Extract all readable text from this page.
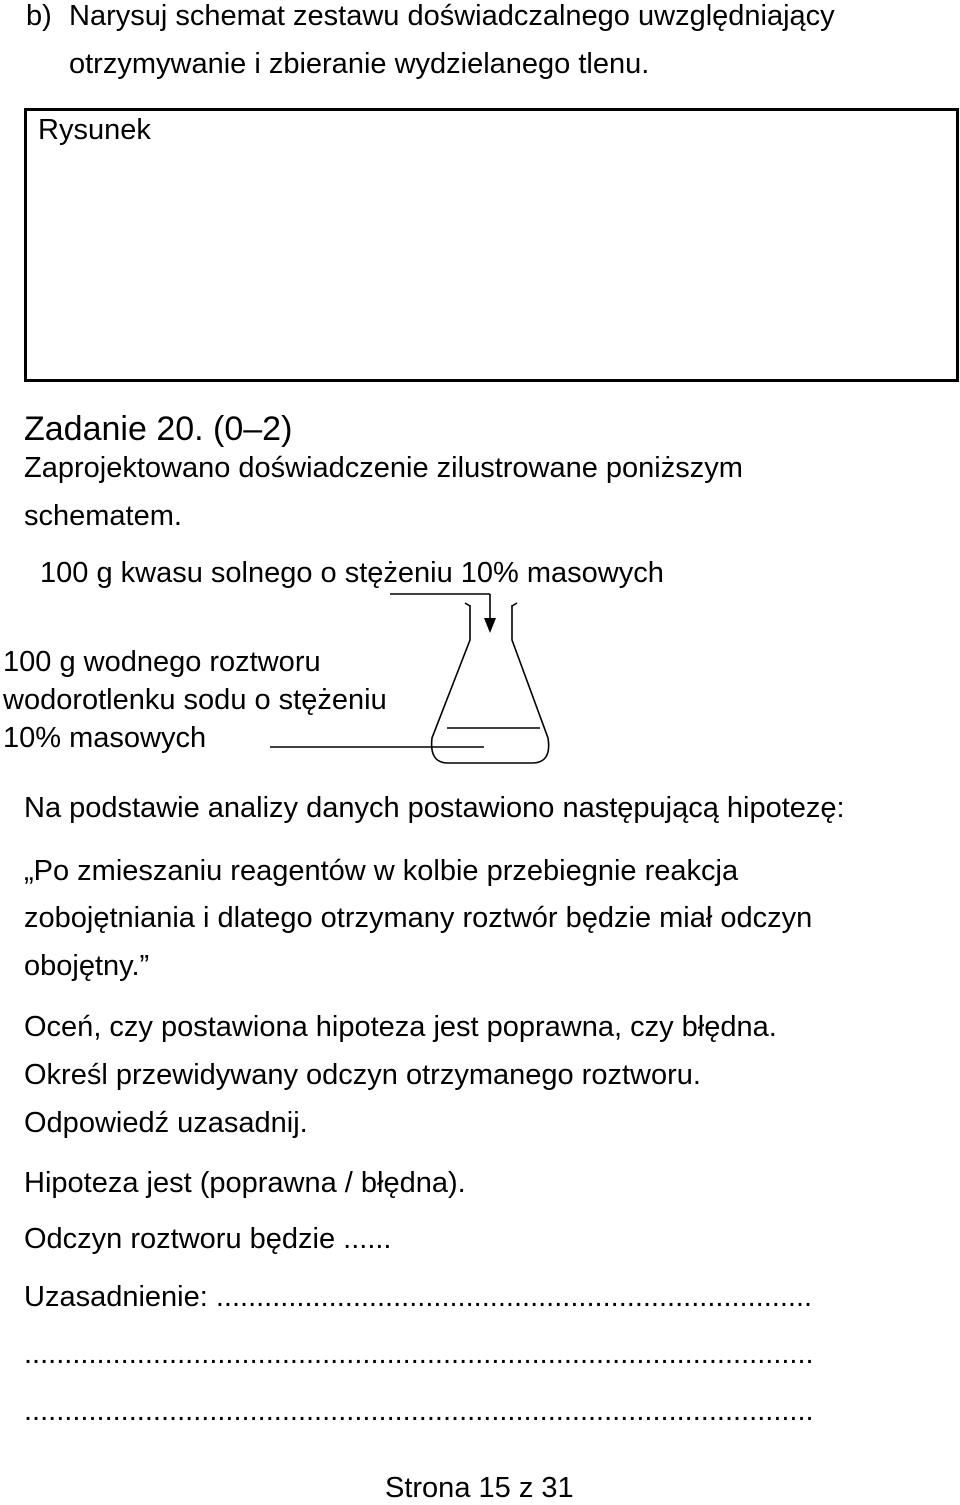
b) Narysuj schemat zestawu doświadczalnego uwzględniający
otrzymywanie i zbieranie wydzielanego tlenu.
Rysunek
Zadanie 20. (0–2)
Zaprojektowano doświadczenie zilustrowane poniższym
schematem.
100 g kwasu solnego o stężeniu 10% masowych
100 g wodnego roztworu
wodorotlenku sodu o stężeniu
10% masowych
Na podstawie analizy danych postawiono następującą hipotezę:
„Po zmieszaniu reagentów w kolbie przebiegnie reakcja
zobojętniania i dlatego otrzymany roztwór będzie miał odczyn
obojętny.”
Oceń, czy postawiona hipoteza jest poprawna, czy błędna.
Określ przewidywany odczyn otrzymanego roztworu.
Odpowiedź uzasadnij.
Hipoteza jest (poprawna / błędna).
Odczyn roztworu będzie ......
Uzasadnienie: ..........................................................................
..................................................................................................
..................................................................................................
Strona 15 z 31
